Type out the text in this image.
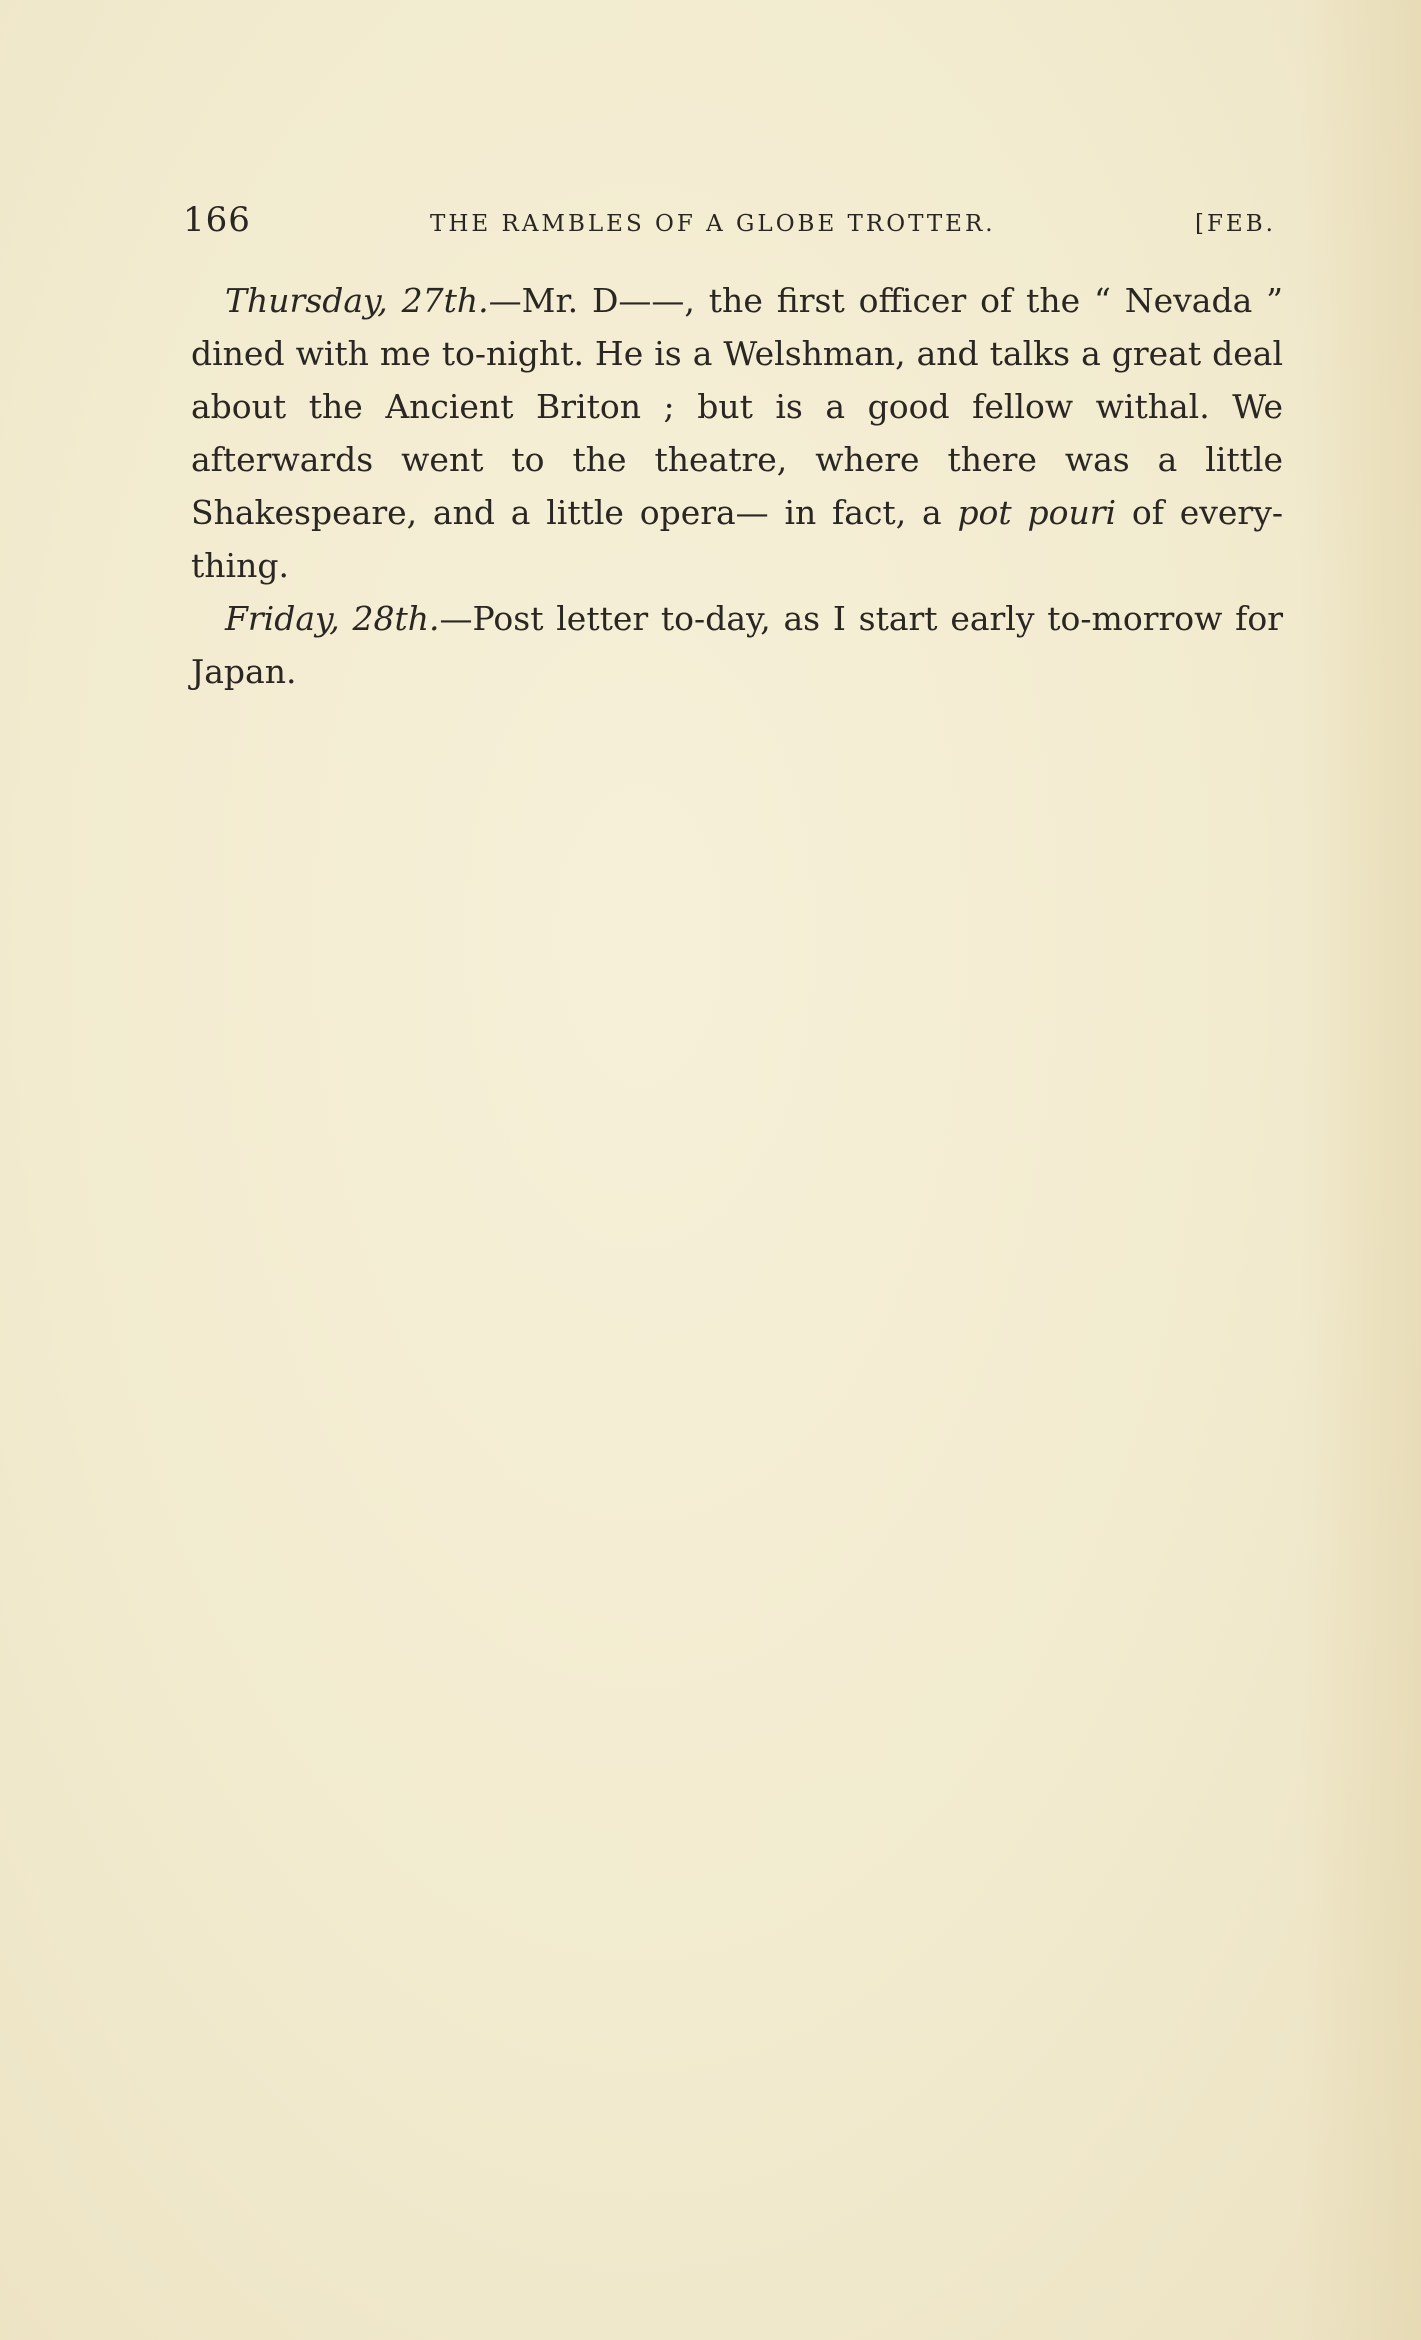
166	THE RAMBLES OF A GLOBE TROTTER.	[FEB.

Thursday, 27th.—Mr. D——, the first officer of the “ Nevada ” dined with me to-night. He is a Welshman, and talks a great deal about the Ancient Briton ; but is a good fellow withal. We afterwards went to the theatre, where there was a little Shakespeare, and a little opera— in fact, a pot pouri of every-thing.

Friday, 28th.—Post letter to-day, as I start early to-morrow for Japan.
